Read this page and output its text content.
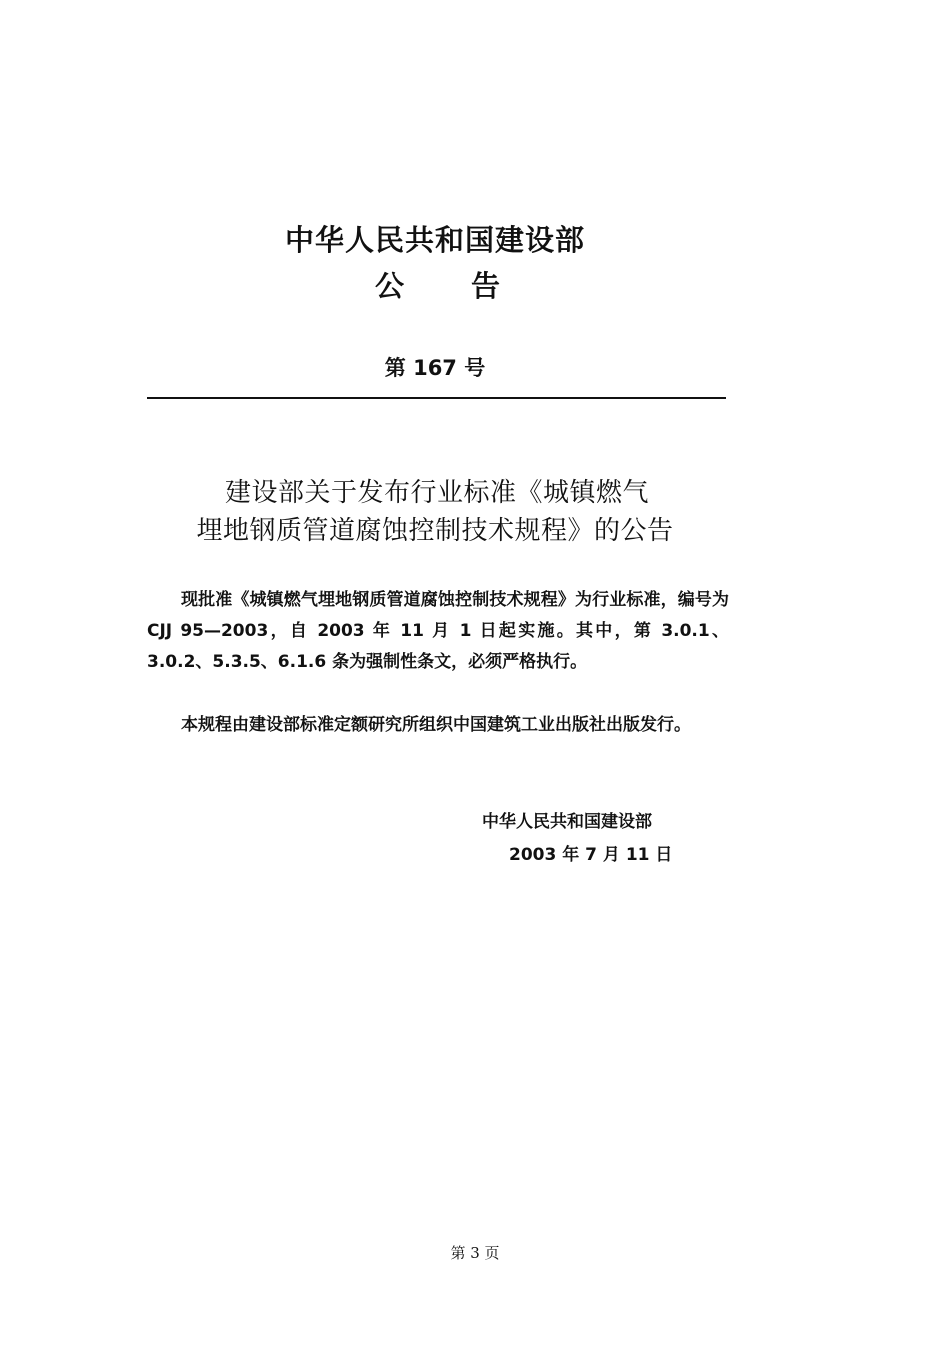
中华人民共和国建设部
公 告
第 167 号
建设部关于发布行业标准《城镇燃气
埋地钢质管道腐蚀控制技术规程》的公告

现批准《城镇燃气埋地钢质管道腐蚀控制技术规程》为行业标准，编号为 CJJ 95—2003，自 2003 年 11 月 1 日起实施。其中，第 3.0.1、3.0.2、5.3.5、6.1.6 条为强制性条文，必须严格执行。

本规程由建设部标准定额研究所组织中国建筑工业出版社出版发行。

中华人民共和国建设部
2003 年 7 月 11 日
第 3 页
